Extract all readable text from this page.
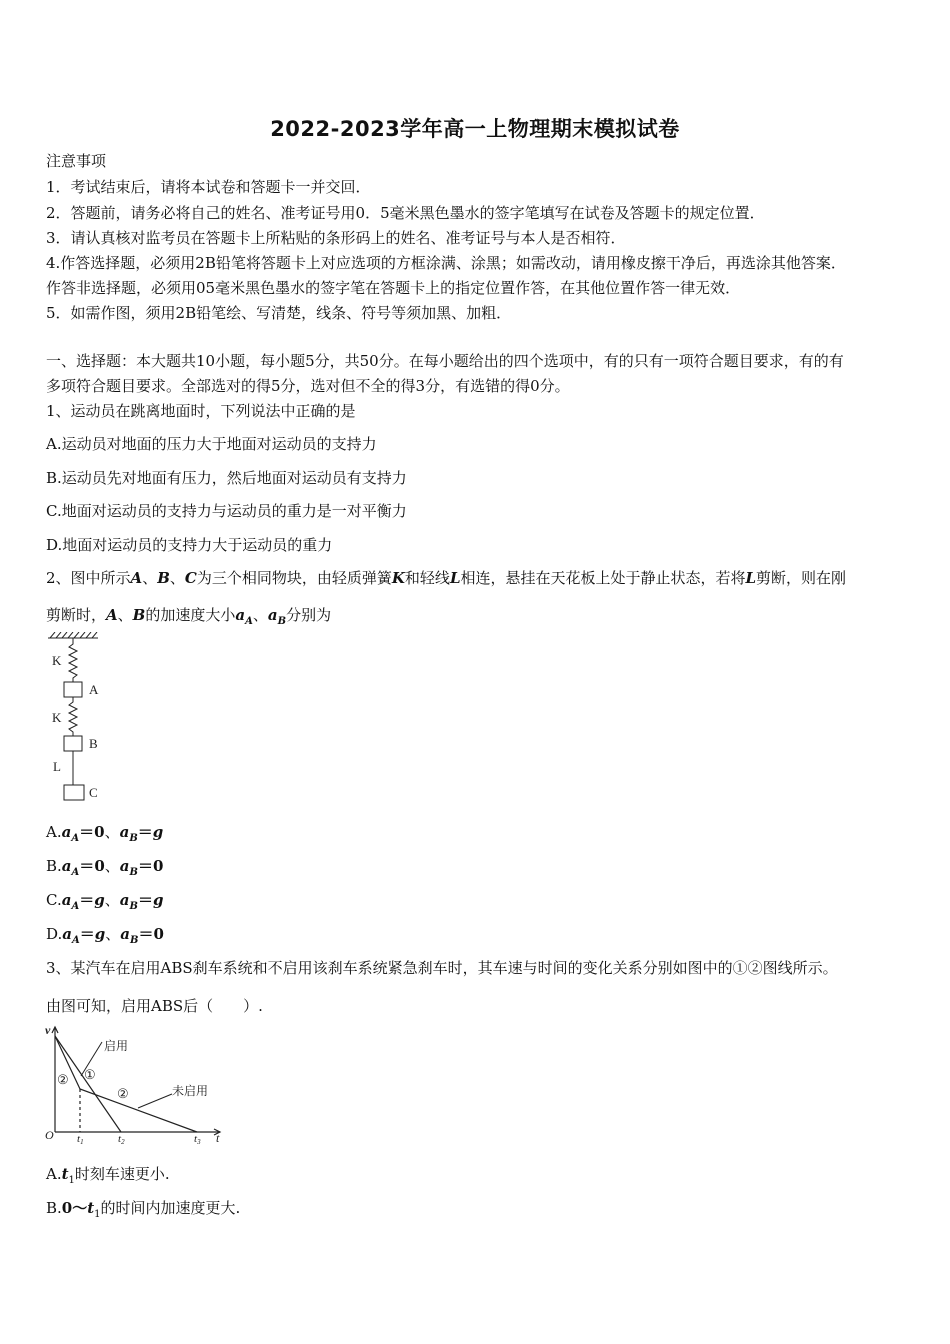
2022-2023学年高一上物理期末模拟试卷
注意事项
1．考试结束后，请将本试卷和答题卡一并交回．
2．答题前，请务必将自己的姓名、准考证号用0．5毫米黑色墨水的签字笔填写在试卷及答题卡的规定位置．
3．请认真核对监考员在答题卡上所粘贴的条形码上的姓名、准考证号与本人是否相符．
4.作答选择题，必须用2B铅笔将答题卡上对应选项的方框涂满、涂黑；如需改动，请用橡皮擦干净后，再选涂其他答案．
作答非选择题，必须用05毫米黑色墨水的签字笔在答题卡上的指定位置作答，在其他位置作答一律无效．
5．如需作图，须用2B铅笔绘、写清楚，线条、符号等须加黑、加粗．
一、选择题：本大题共10小题，每小题5分，共50分。在每小题给出的四个选项中，有的只有一项符合题目要求，有的有
多项符合题目要求。全部选对的得5分，选对但不全的得3分，有选错的得0分。
1、运动员在跳离地面时，下列说法中正确的是
A.运动员对地面的压力大于地面对运动员的支持力
B.运动员先对地面有压力，然后地面对运动员有支持力
C.地面对运动员的支持力与运动员的重力是一对平衡力
D.地面对运动员的支持力大于运动员的重力
2、图中所示A、B、C为三个相同物块，由轻质弹簧K和轻线L相连，悬挂在天花板上处于静止状态，若将L剪断，则在刚
剪断时，A、B的加速度大小$a_A$、$a_B$分别为
K
A
K
B
L
C
$A.a_A=0$、$a_B=g$
$B.a_A=0$、$a_B=0$
$C.a_A=g$、$a_B=g$
$D.a_A=g$、$a_B=0$
3、某汽车在启用ABS刹车系统和不启用该刹车系统紧急刹车时，其车速与时间的变化关系分别如图中的①②图线所示。
由图可知，启用ABS后（　　）.
v
O t1	t2	t3 t
启用
未启用
①
②
②
$A.t_1$时刻车速更小.
$B.0\sim t_1$的时间内加速度更大.
